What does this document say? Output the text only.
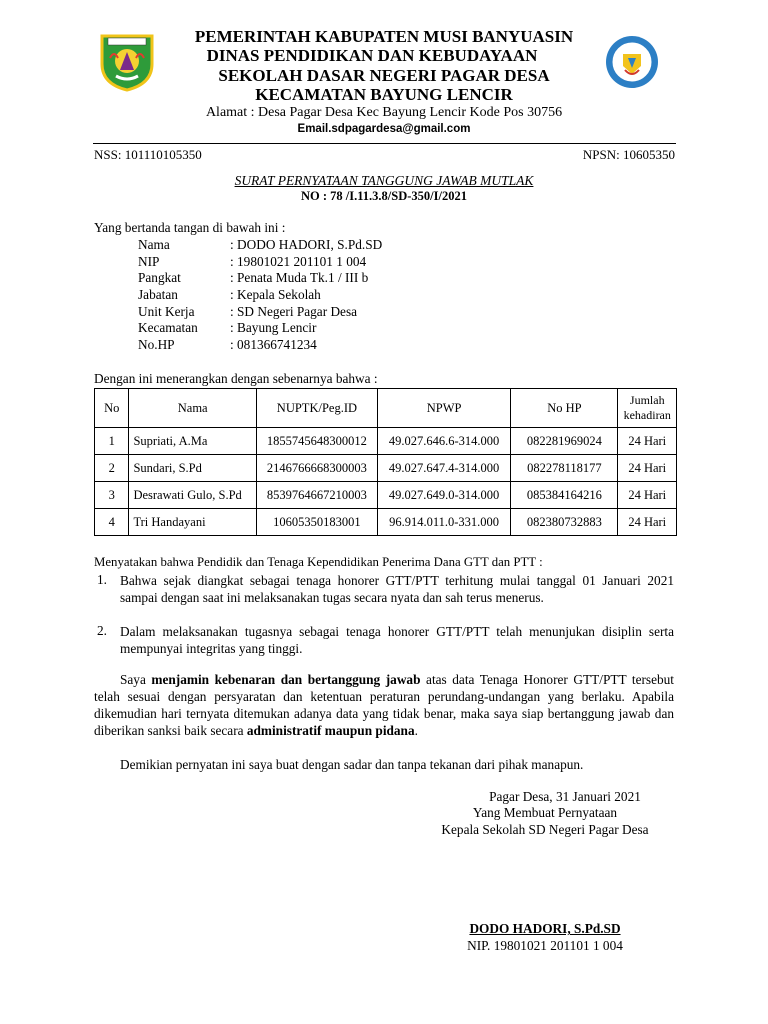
PEMERINTAH KABUPATEN MUSI BANYUASIN
DINAS PENDIDIKAN DAN KEBUDAYAAN
SEKOLAH DASAR NEGERI PAGAR DESA
KECAMATAN BAYUNG LENCIR
Alamat : Desa Pagar Desa Kec Bayung Lencir Kode Pos 30756
Email.sdpagardesa@gmail.com
NSS: 101110105350	NPSN: 10605350
SURAT PERNYATAAN TANGGUNG JAWAB MUTLAK
NO : 78 /I.11.3.8/SD-350/I/2021
Yang bertanda tangan di bawah ini :
Nama	: DODO HADORI, S.Pd.SD
NIP	: 19801021 201101 1 004
Pangkat	: Penata Muda Tk.1 / III b
Jabatan	: Kepala Sekolah
Unit Kerja	: SD Negeri Pagar Desa
Kecamatan : Bayung Lencir
No.HP	: 081366741234
Dengan ini menerangkan dengan sebenarnya bahwa :
No	Nama	NUPTK/Peg.ID	NPWP	No HP	Jumlah kehadiran
1	Supriati, A.Ma	1855745648300012	49.027.646.6-314.000	082281969024	24 Hari
2	Sundari, S.Pd	2146766668300003	49.027.647.4-314.000	082278118177	24 Hari
3	Desrawati Gulo, S.Pd	8539764667210003	49.027.649.0-314.000	085384164216	24 Hari
4	Tri Handayani	10605350183001	96.914.011.0-331.000	082380732883	24 Hari
Menyatakan bahwa Pendidik dan Tenaga Kependidikan Penerima Dana GTT dan PTT :
1. Bahwa sejak diangkat sebagai tenaga honorer GTT/PTT terhitung mulai tanggal 01 Januari 2021 sampai dengan saat ini melaksanakan tugas secara nyata dan sah terus menerus.
2. Dalam melaksanakan tugasnya sebagai tenaga honorer GTT/PTT telah menunjukan disiplin serta mempunyai integritas yang tinggi.
Saya menjamin kebenaran dan bertanggung jawab atas data Tenaga Honorer GTT/PTT tersebut telah sesuai dengan persyaratan dan ketentuan peraturan perundang-undangan yang berlaku. Apabila dikemudian hari ternyata ditemukan adanya data yang tidak benar, maka saya siap bertanggung jawab dan diberikan sanksi baik secara administratif maupun pidana.
Demikian pernyatan ini saya buat dengan sadar dan tanpa tekanan dari pihak manapun.
Pagar Desa, 31 Januari 2021
Yang Membuat Pernyataan
Kepala Sekolah SD Negeri Pagar Desa
DODO HADORI, S.Pd.SD
NIP. 19801021 201101 1 004
